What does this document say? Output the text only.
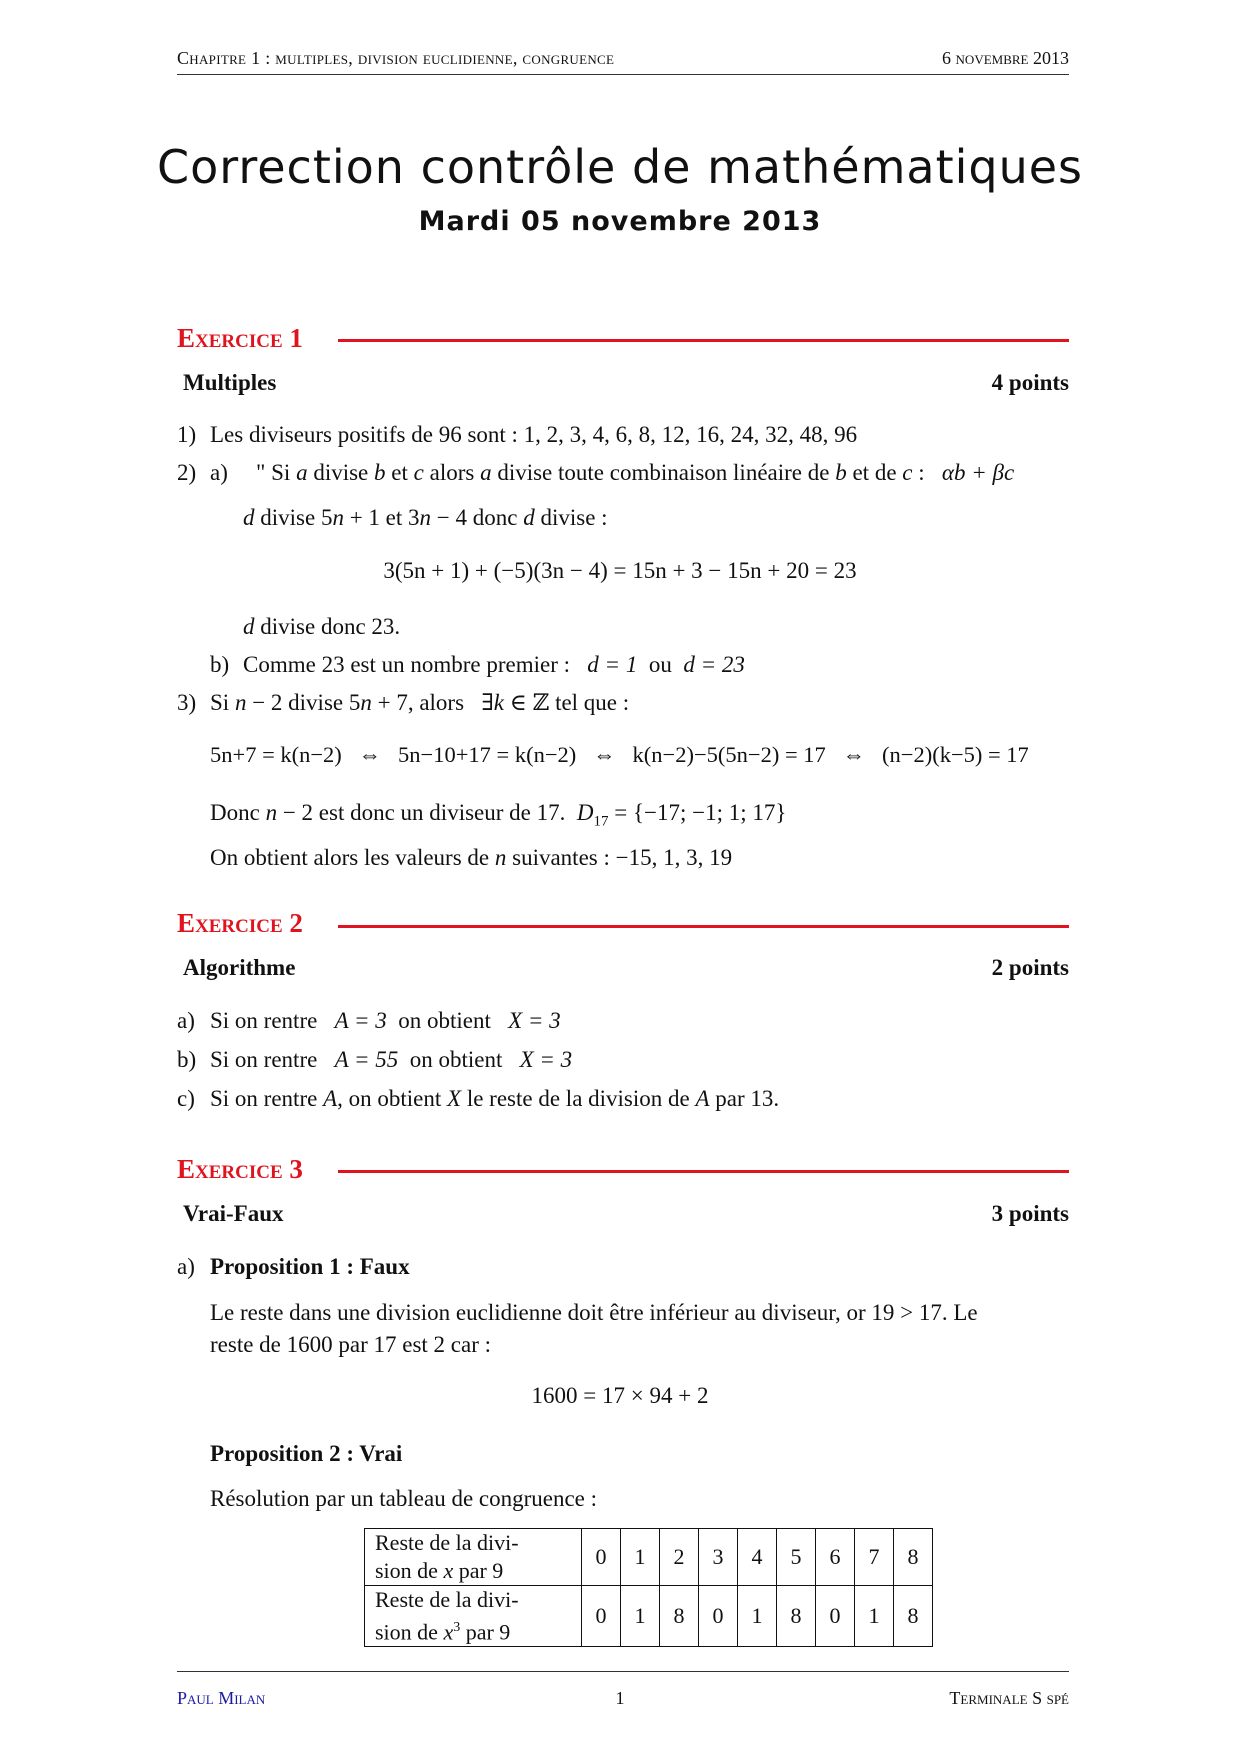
Chapitre 1 : multiples, division euclidienne, congruence	6 novembre 2013
Correction contrôle de mathématiques
Mardi 05 novembre 2013
Exercice 1
Multiples	4 points
1) Les diviseurs positifs de 96 sont : 1, 2, 3, 4, 6, 8, 12, 16, 24, 32, 48, 96
2) a) " Si a divise b et c alors a divise toute combinaison linéaire de b et de c :   αb + βc
d divise 5n + 1 et 3n − 4 donc d divise :
3(5n + 1) + (−5)(3n − 4) = 15n + 3 − 15n + 20 = 23
d divise donc 23.
b) Comme 23 est un nombre premier :   d = 1  ou  d = 23
3) Si n − 2 divise 5n + 7, alors   ∃k ∈ ℤ tel que :
5n+7 = k(n−2)   ⇔   5n−10+17 = k(n−2)   ⇔   k(n−2)−5(5n−2) = 17   ⇔   (n−2)(k−5) = 17
Donc n − 2 est donc un diviseur de 17.  $D_{17} = \{-17$; −1; 1; 17}
On obtient alors les valeurs de n suivantes : −15, 1, 3, 19
Exercice 2
Algorithme	2 points
a) Si on rentre   A = 3  on obtient   X = 3
b) Si on rentre   A = 55  on obtient   X = 3
c) Si on rentre A, on obtient X le reste de la division de A par 13.
Exercice 3
Vrai-Faux	3 points
a) Proposition 1 : Faux
Le reste dans une division euclidienne doit être inférieur au diviseur, or 19 > 17. Le
reste de 1600 par 17 est 2 car :
1600 = 17 × 94 + 2
Proposition 2 : Vrai
Résolution par un tableau de congruence :
Reste de la divi-
sion de x par 9	0	1	2	3	4	5	6	7	8
Reste de la divi-
sion de $x^3$ par 9	0	1	8	0	1	8	0	1	8
Paul Milan	1	Terminale S spé
